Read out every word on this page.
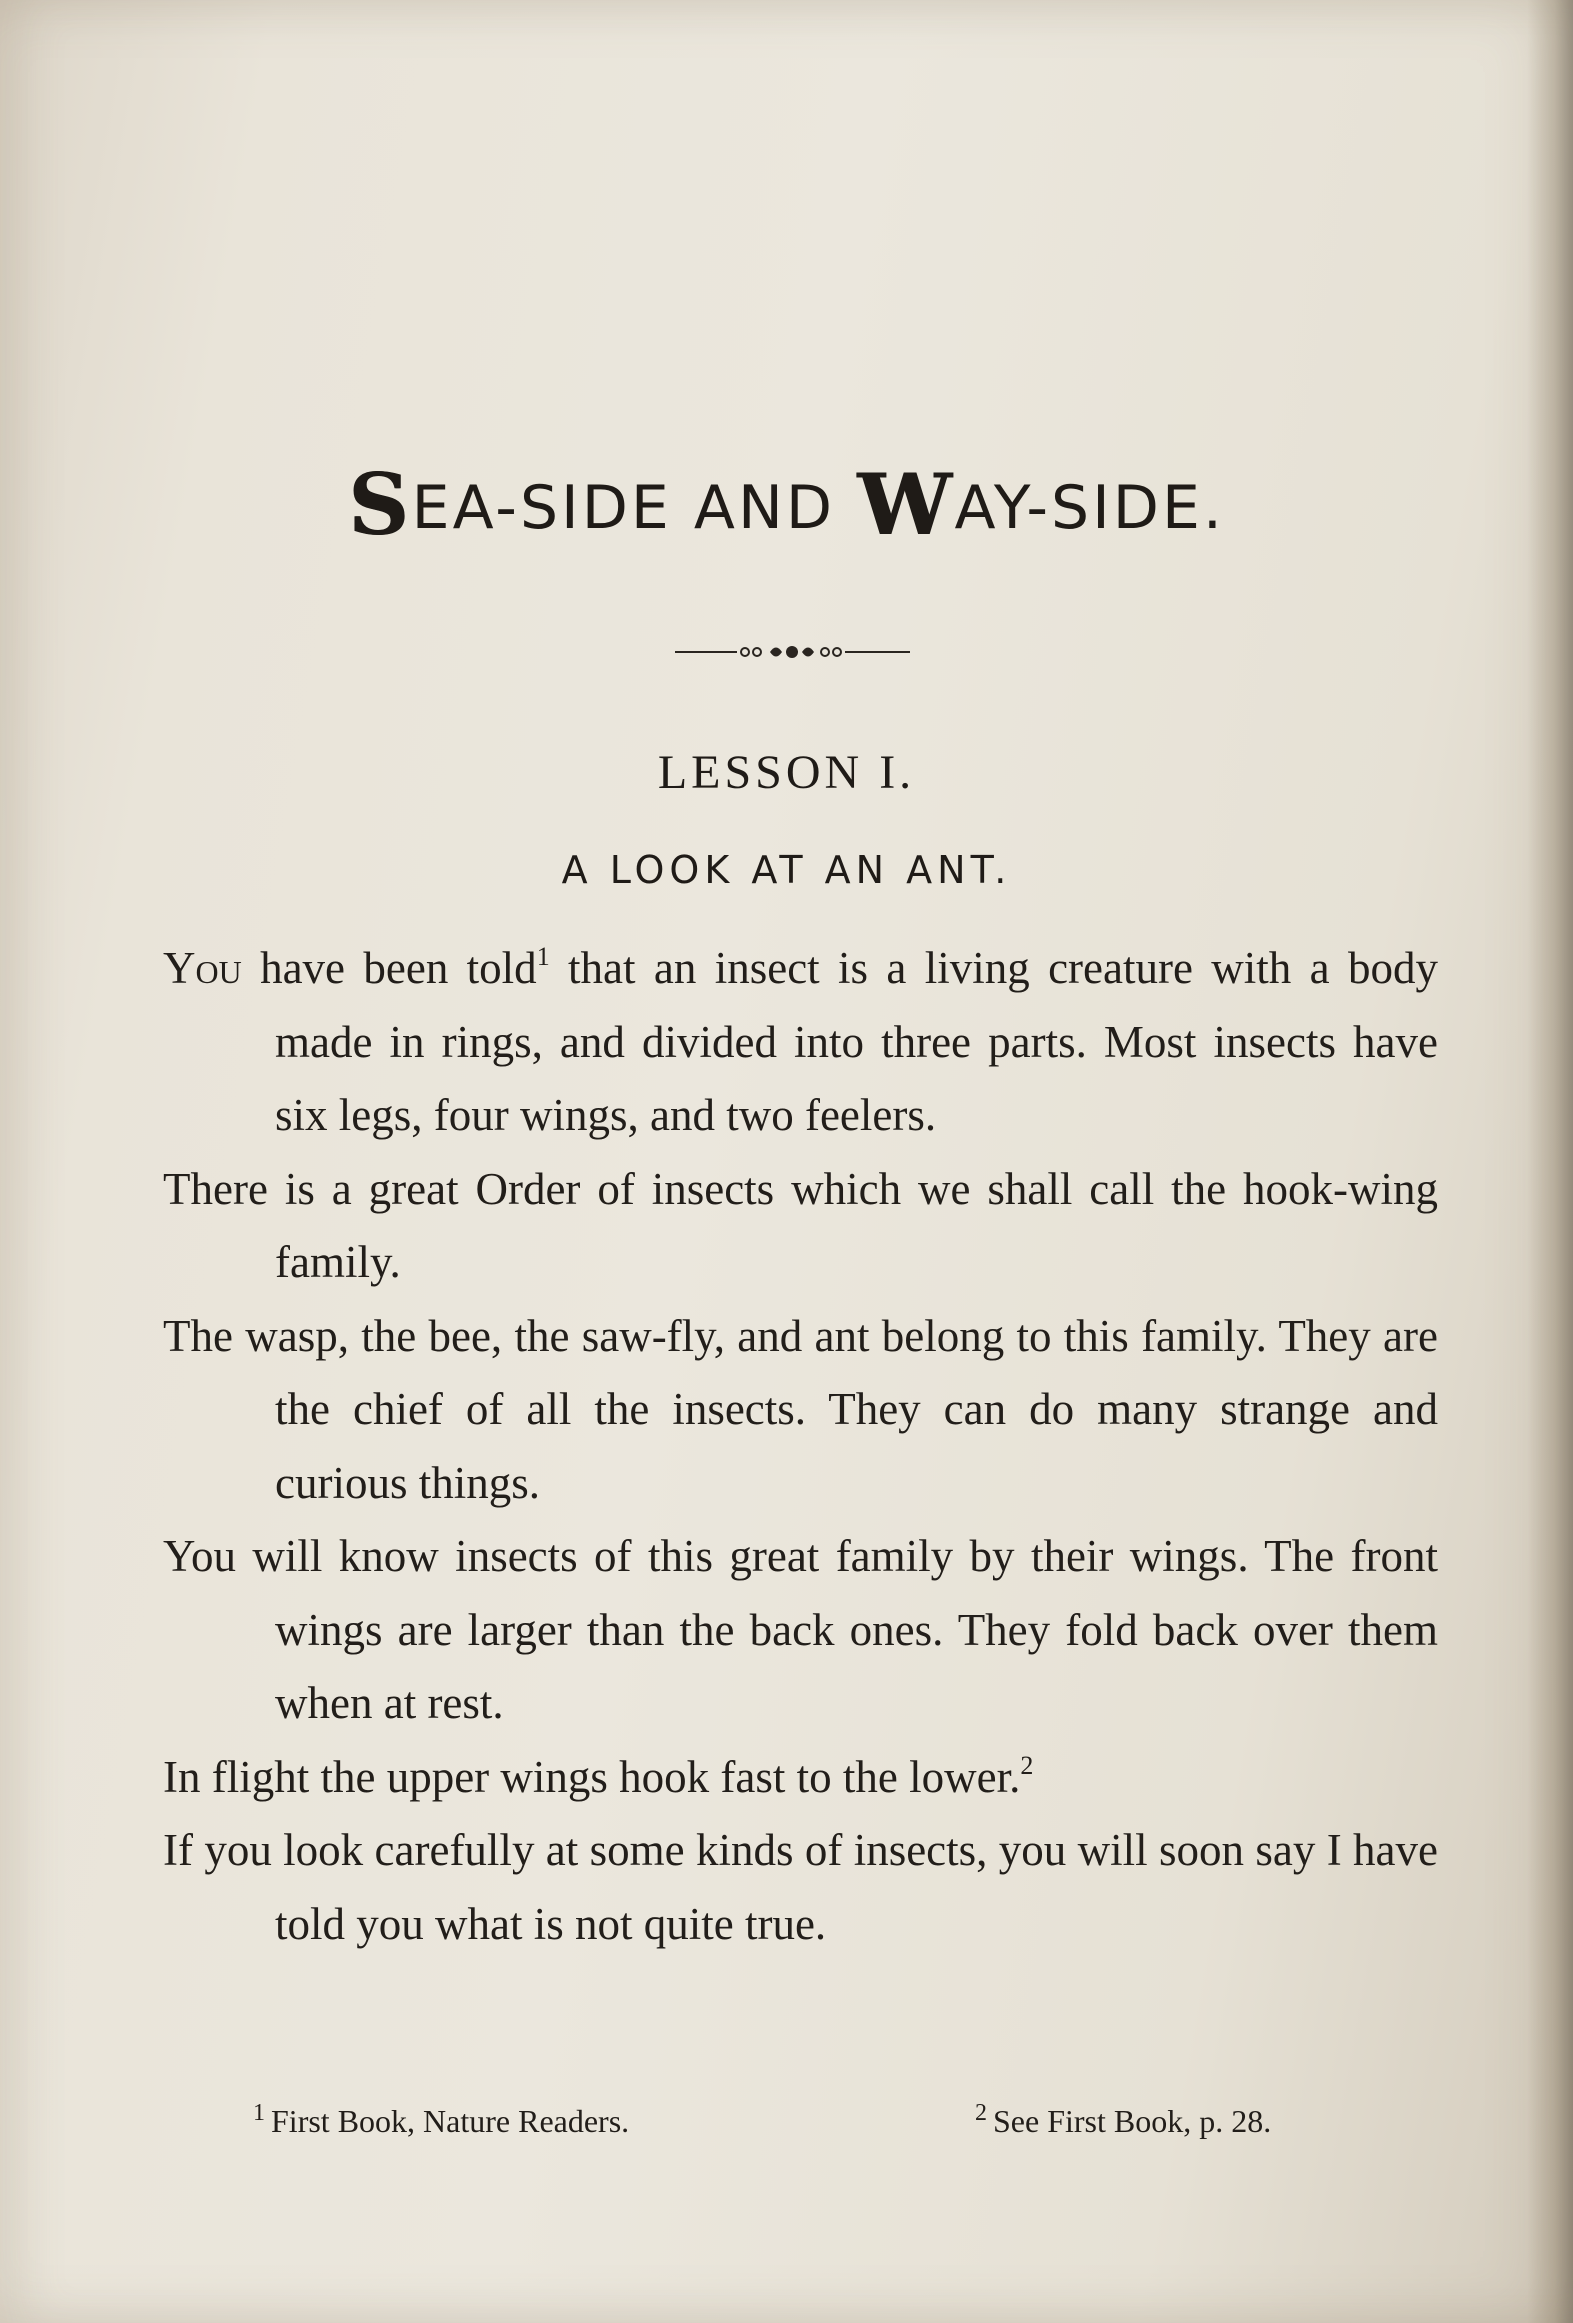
SEA-SIDE AND WAY-SIDE.
LESSON I.
A LOOK AT AN ANT.
You have been told$^1$ that an insect is a living creature with a body made in rings, and divided into three parts. Most insects have six legs, four wings, and two feelers.
There is a great Order of insects which we shall call the hook-wing family.
The wasp, the bee, the saw-fly, and ant belong to this family. They are the chief of all the insects. They can do many strange and curious things.
You will know insects of this great family by their wings. The front wings are larger than the back ones. They fold back over them when at rest.
In flight the upper wings hook fast to the lower.$^2$
If you look carefully at some kinds of insects, you will soon say I have told you what is not quite true.
$^1$ First Book, Nature Readers.	$^2$ See First Book, p. 28.
